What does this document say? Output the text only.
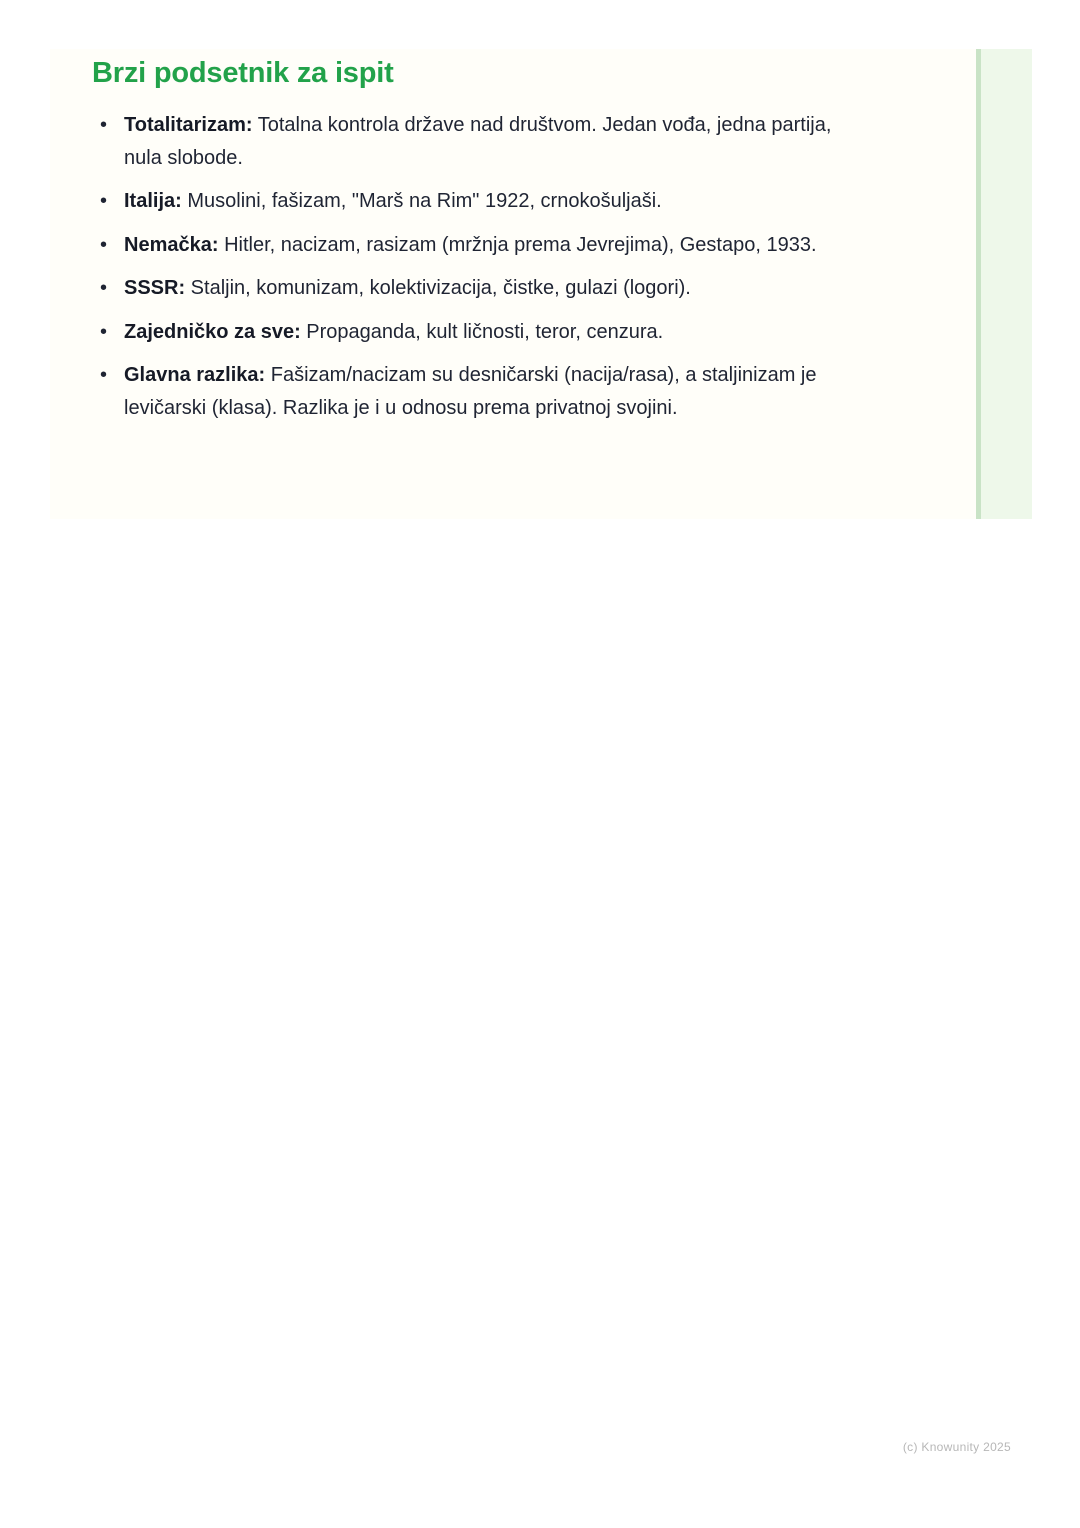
Brzi podsetnik za ispit
• Totalitarizam: Totalna kontrola države nad društvom. Jedan vođa, jedna partija, nula slobode.
• Italija: Musolini, fašizam, "Marš na Rim" 1922, crnokošuljaši.
• Nemačka: Hitler, nacizam, rasizam (mržnja prema Jevrejima), Gestapo, 1933.
• SSSR: Staljin, komunizam, kolektivizacija, čistke, gulazi (logori).
• Zajedničko za sve: Propaganda, kult ličnosti, teror, cenzura.
• Glavna razlika: Fašizam/nacizam su desničarski (nacija/rasa), a staljinizam je levičarski (klasa). Razlika je i u odnosu prema privatnoj svojini.
(c) Knowunity 2025
